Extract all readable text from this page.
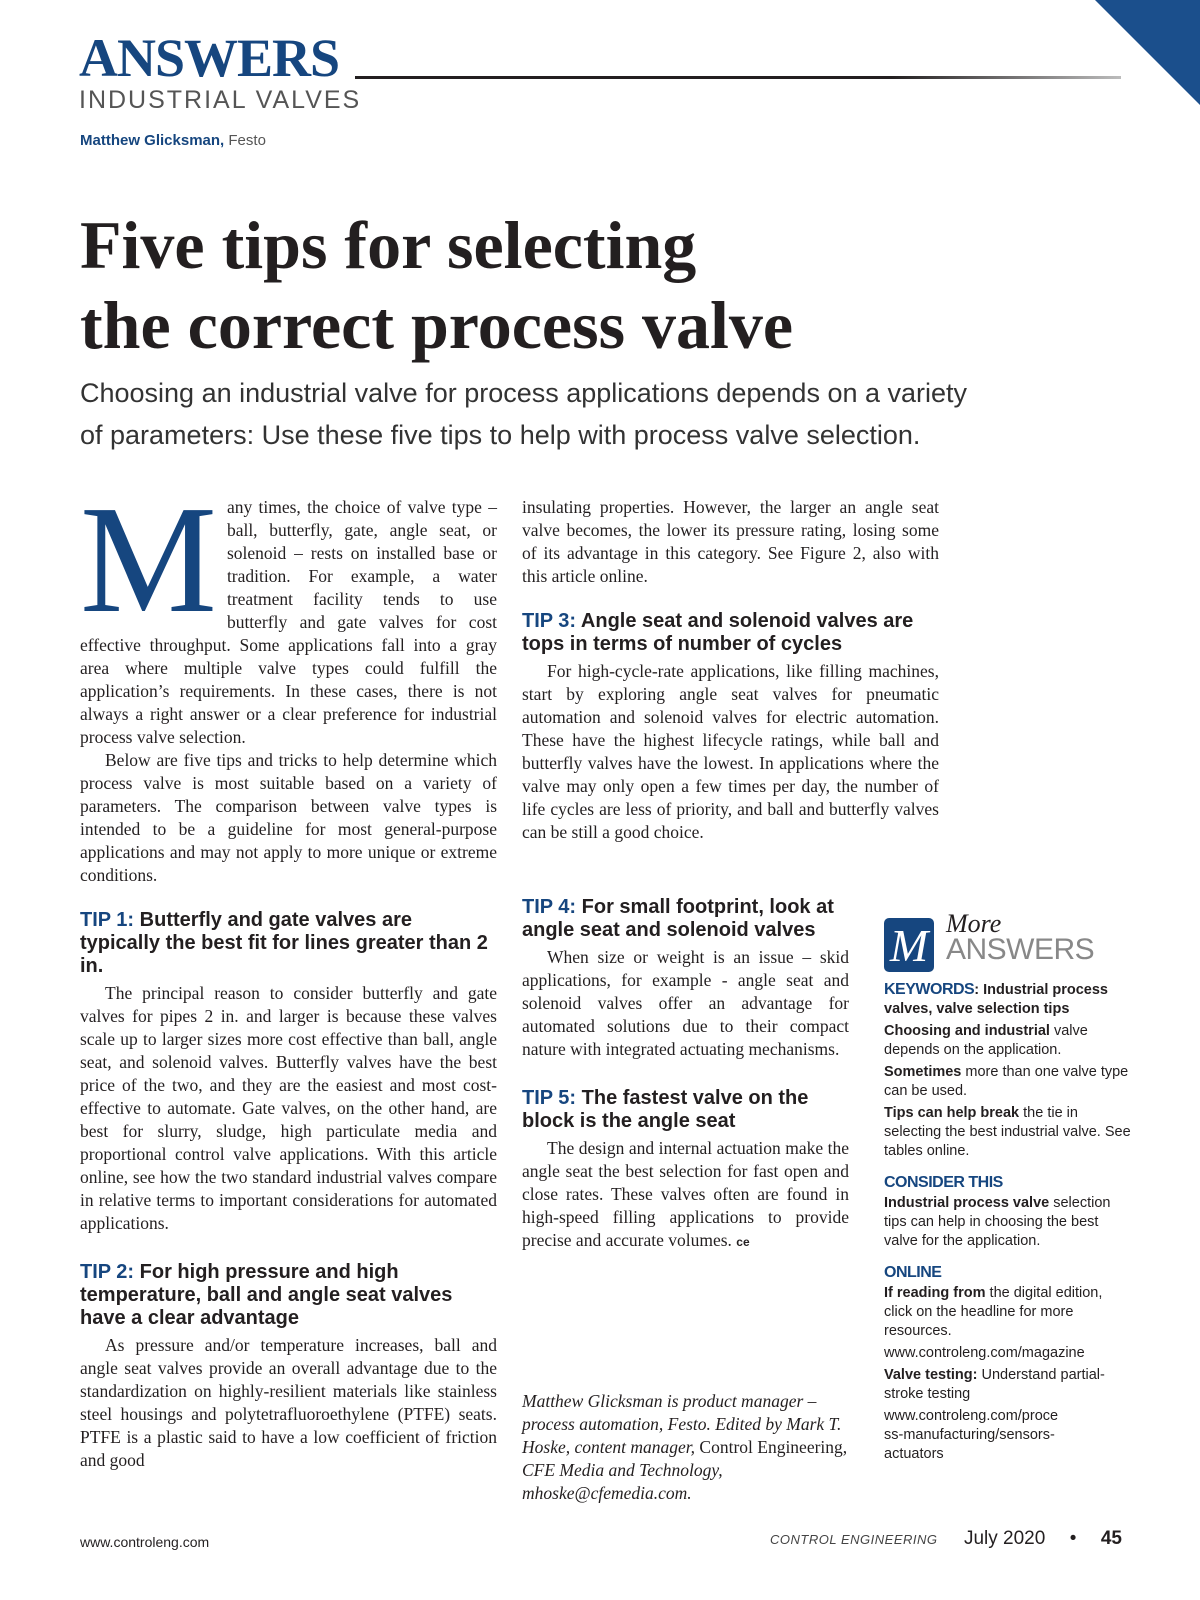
ANSWERS
INDUSTRIAL VALVES
Matthew Glicksman, Festo
Five tips for selecting
the correct process valve
Choosing an industrial valve for process applications depends on a variety
of parameters: Use these five tips to help with process valve selection.

Many times, the choice of valve type – ball, butterfly, gate, angle seat, or solenoid – rests on installed base or tradition. For example, a water treatment facility tends to use butterfly and gate valves for cost effective throughput. Some applications fall into a gray area where multiple valve types could fulfill the application’s requirements. In these cases, there is not always a right answer or a clear preference for industrial process valve selection.

Below are five tips and tricks to help determine which process valve is most suitable based on a variety of parameters. The comparison between valve types is intended to be a guideline for most general-purpose applications and may not apply to more unique or extreme conditions.

TIP 1: Butterfly and gate valves are typically the best fit for lines greater than 2 in.

The principal reason to consider butterfly and gate valves for pipes 2 in. and larger is because these valves scale up to larger sizes more cost effective than ball, angle seat, and solenoid valves. Butterfly valves have the best price of the two, and they are the easiest and most cost-effective to automate. Gate valves, on the other hand, are best for slurry, sludge, high particulate media and proportional control valve applications. With this article online, see how the two standard industrial valves compare in relative terms to important considerations for automated applications.

TIP 2: For high pressure and high temperature, ball and angle seat valves have a clear advantage

As pressure and/or temperature increases, ball and angle seat valves provide an overall advantage due to the standardization on highly-resilient materials like stainless steel housings and polytetrafluoroethylene (PTFE) seats. PTFE is a plastic said to have a low coefficient of friction and good

insulating properties. However, the larger an angle seat valve becomes, the lower its pressure rating, losing some of its advantage in this category. See Figure 2, also with this article online.

TIP 3: Angle seat and solenoid valves are tops in terms of number of cycles

For high-cycle-rate applications, like filling machines, start by exploring angle seat valves for pneumatic automation and solenoid valves for electric automation. These have the highest lifecycle ratings, while ball and butterfly valves have the lowest. In applications where the valve may only open a few times per day, the number of life cycles are less of priority, and ball and butterfly valves can be still a good choice.

TIP 4: For small footprint, look at angle seat and solenoid valves

When size or weight is an issue – skid applications, for example - angle seat and solenoid valves offer an advantage for automated solutions due to their compact nature with integrated actuating mechanisms.

TIP 5: The fastest valve on the block is the angle seat

The design and internal actuation make the angle seat the best selection for fast open and close rates. These valves often are found in high-speed filling applications to provide precise and accurate volumes. ce

Matthew Glicksman is product manager – process automation, Festo. Edited by Mark T. Hoske, content manager, Control Engineering, CFE Media and Technology, mhoske@cfemedia.com.
M More
ANSWERS

KEYWORDS: Industrial process valves, valve selection tips

Choosing and industrial valve depends on the application.

Sometimes more than one valve type can be used.

Tips can help break the tie in selecting the best industrial valve. See tables online.

CONSIDER THIS

Industrial process valve selection tips can help in choosing the best valve for the application.

ONLINE

If reading from the digital edition, click on the headline for more resources.

www.controleng.com/magazine

Valve testing: Understand partial-stroke testing

www.controleng.com/process-manufacturing/sensors-actuators

www.controleng.com	CONTROL ENGINEERING July 2020 • 45
